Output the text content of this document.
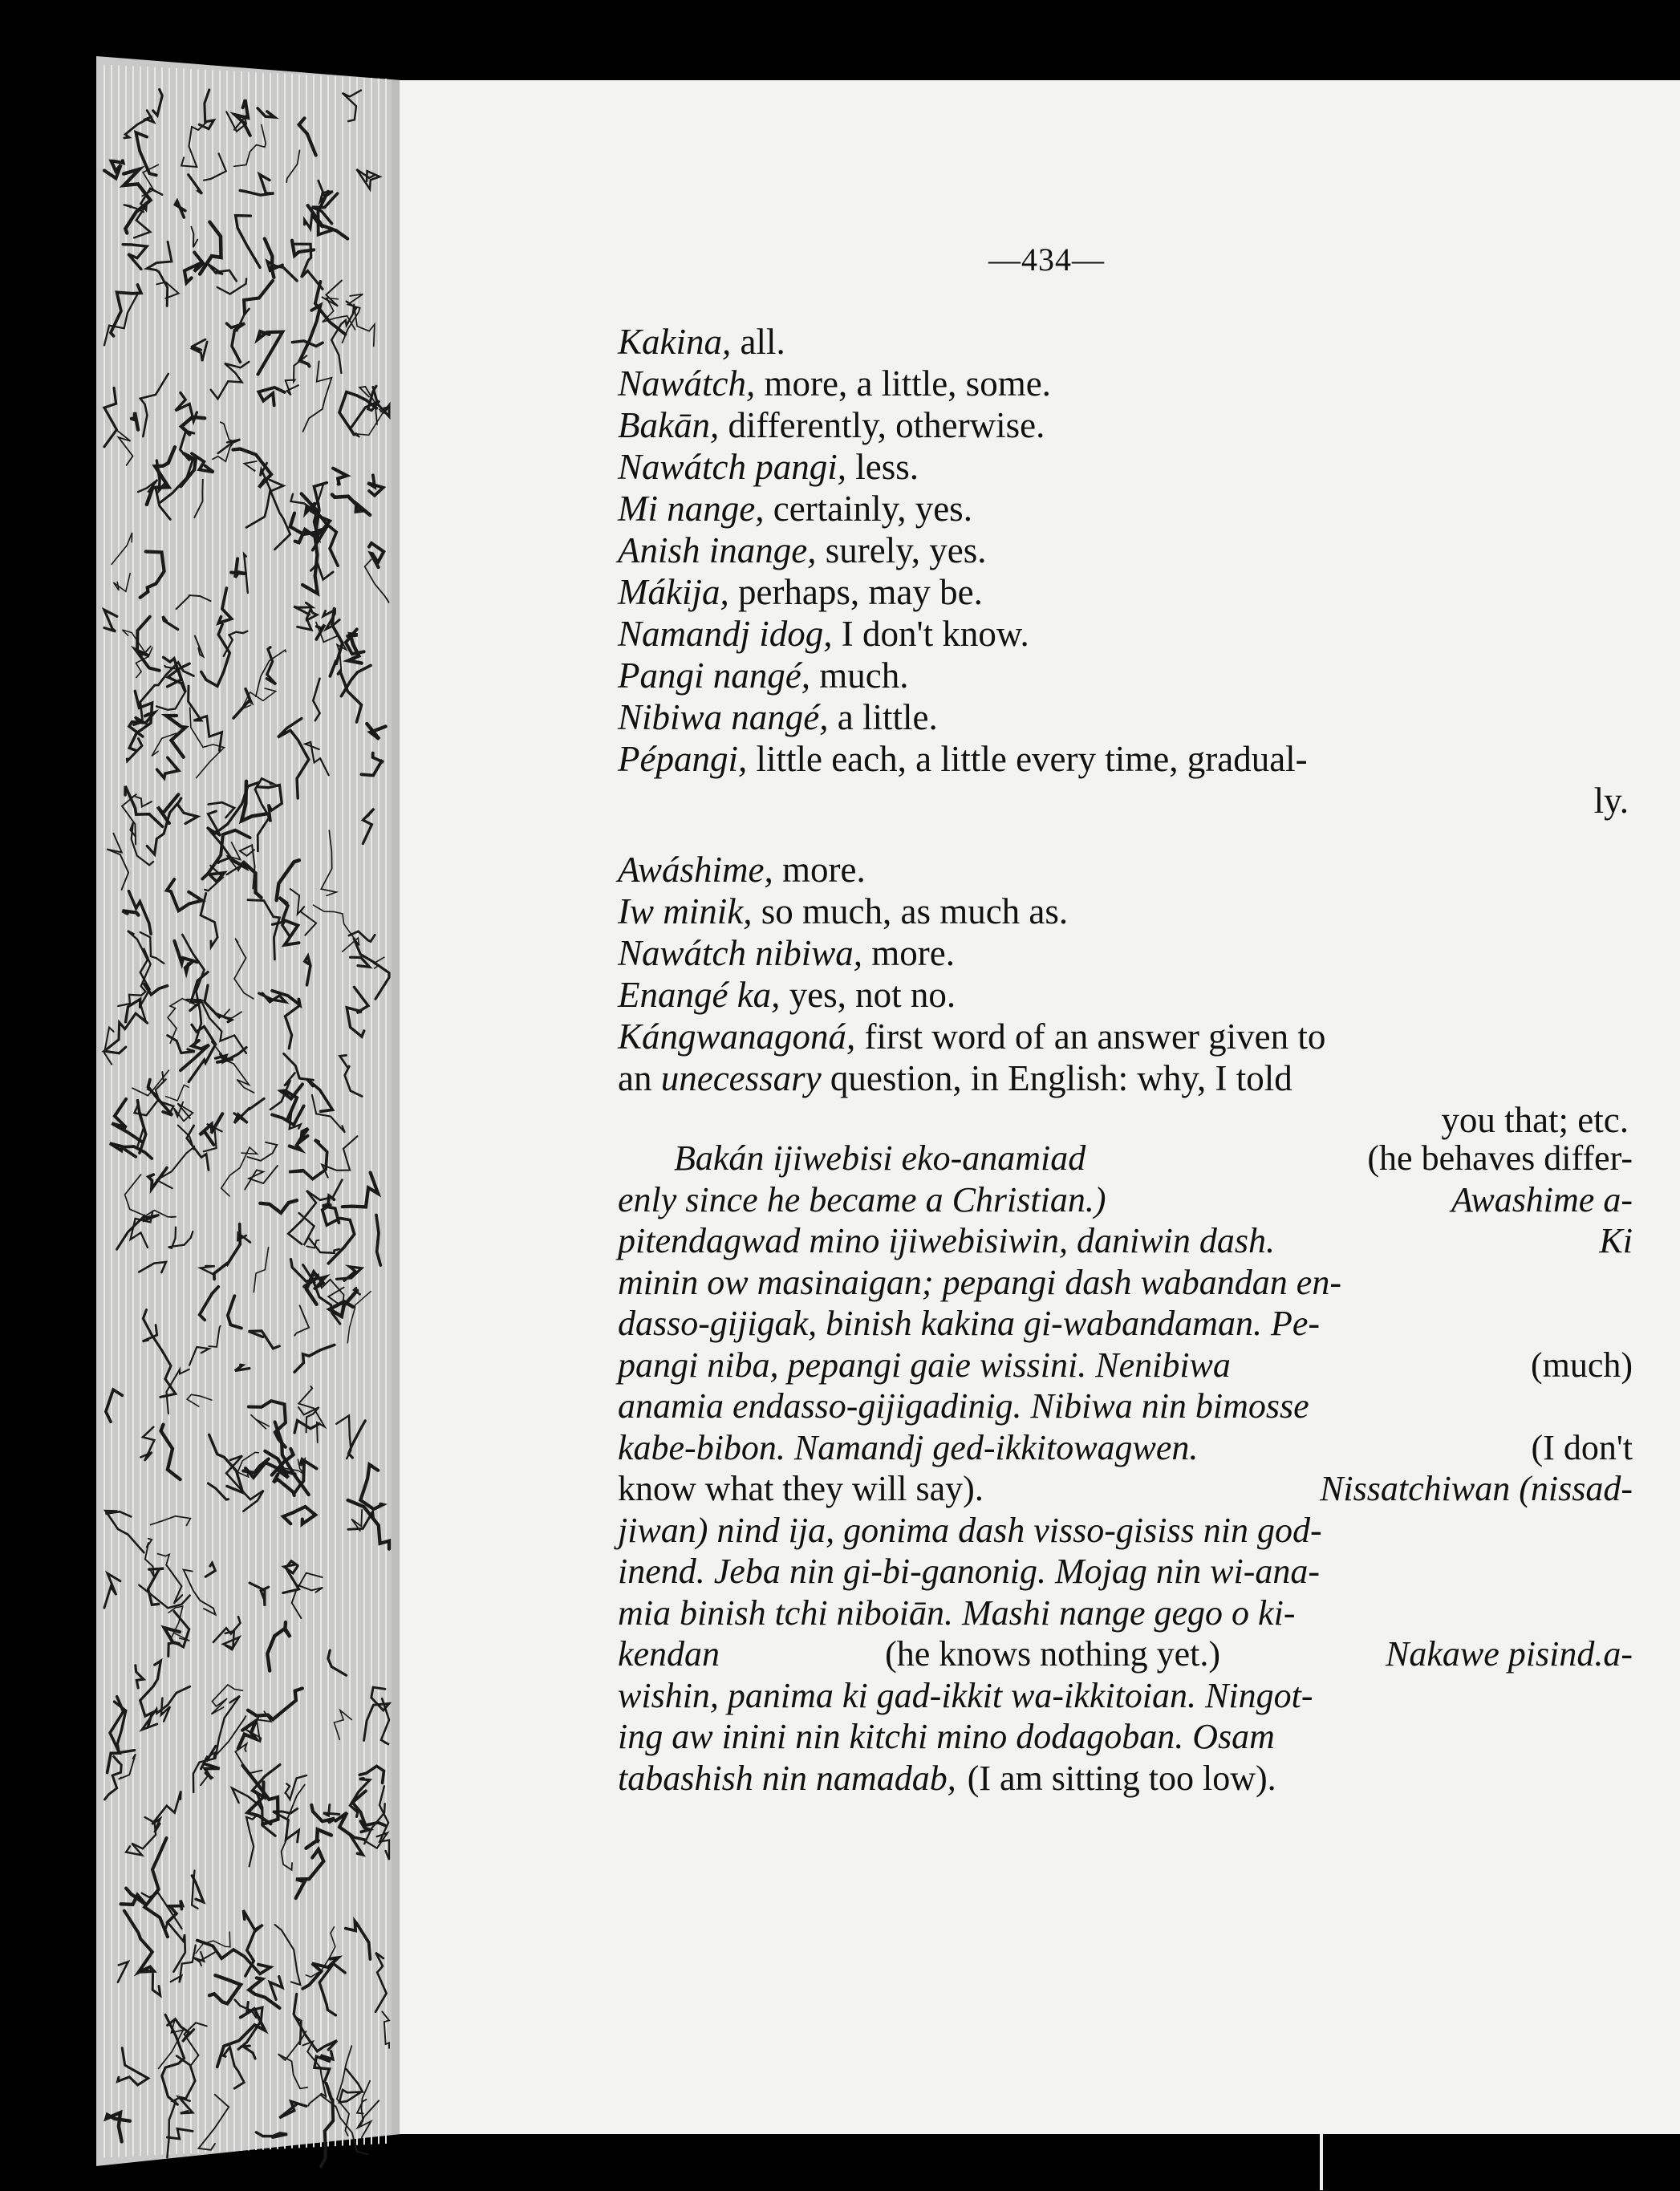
—434—
Kakina, all.
Nawátch, more, a little, some.
Bakān, differently, otherwise.
Nawátch pangi, less.
Mi nange, certainly, yes.
Anish inange, surely, yes.
Mákija, perhaps, may be.
Namandj idog, I don't know.
Pangi nangé, much.
Nibiwa nangé, a little.
Pépangi, little each, a little every time, gradual-
ly.
Awáshime, more.
Iw minik, so much, as much as.
Nawátch nibiwa, more.
Enangé ka, yes, not no.
Kángwanagoná, first word of an answer given to
an unecessary question, in English: why, I told
you that; etc.
Bakán ijiwebisi eko-anamiad	(he behaves differ-
enly since he became a Christian.)	Awashime a-
pitendagwad mino ijiwebisiwin, daniwin dash.	Ki
minin ow masinaigan; pepangi dash wabandan en-
dasso-gijigak, binish kakina gi-wabandaman. Pe-
pangi niba, pepangi gaie wissini. Nenibiwa	(much)
anamia endasso-gijigadinig. Nibiwa nin bimosse
kabe-bibon. Namandj ged-ikkitowagwen.	(I don't
know what they will say).	Nissatchiwan (nissad-
jiwan) nind ija, gonima dash visso-gisiss nin god-
inend. Jeba nin gi-bi-ganonig. Mojag nin wi-ana-
mia binish tchi niboiān. Mashi nange gego o ki-
kendan	(he knows nothing yet.)	Nakawe pisind.a-
wishin, panima ki gad-ikkit wa-ikkitoian. Ningot-
ing aw inini nin kitchi mino dodagoban. Osam
tabashish nin namadab, (I am sitting too low).
